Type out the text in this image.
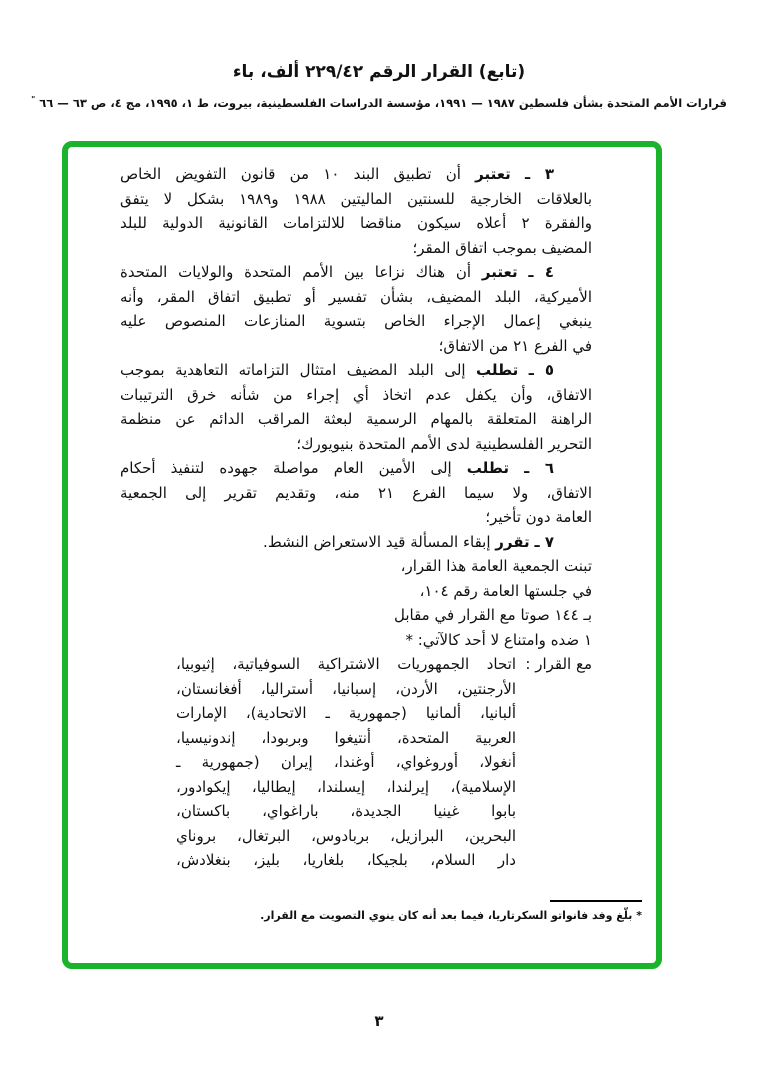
(تابع) القرار الرقم ٢٢٩/٤٢ ألف، باء
قرارات الأمم المتحدة بشأن فلسطين ١٩٨٧ — ١٩٩١، مؤسسة الدراسات الفلسطينية، بيروت، ط ١، ١٩٩٥، مج ٤، ص ٦٣ — ٦٦ "
٣ ـ تعتبر أن تطبيق البند ١٠ من قانون التفويض الخاص
بالعلاقات الخارجية للسنتين الماليتين ١٩٨٨ و١٩٨٩ بشكل لا يتفق
والفقرة ٢ أعلاه سيكون مناقضا للالتزامات القانونية الدولية للبلد
المضيف بموجب اتفاق المقر؛
٤ ـ تعتبر أن هناك نزاعا بين الأمم المتحدة والولايات المتحدة
الأميركية، البلد المضيف، بشأن تفسير أو تطبيق اتفاق المقر، وأنه
ينبغي إعمال الإجراء الخاص بتسوية المنازعات المنصوص عليه
في الفرع ٢١ من الاتفاق؛
٥ ـ تطلب إلى البلد المضيف امتثال التزاماته التعاهدية بموجب
الاتفاق، وأن يكفل عدم اتخاذ أي إجراء من شأنه خرق الترتيبات
الراهنة المتعلقة بالمهام الرسمية لبعثة المراقب الدائم عن منظمة
التحرير الفلسطينية لدى الأمم المتحدة بنيويورك؛
٦ ـ تطلب إلى الأمين العام مواصلة جهوده لتنفيذ أحكام
الاتفاق، ولا سيما الفرع ٢١ منه، وتقديم تقرير إلى الجمعية
العامة دون تأخير؛
٧ ـ تقرر إبقاء المسألة قيد الاستعراض النشط.
تبنت الجمعية العامة هذا القرار،
في جلستها العامة رقم ١٠٤،
بـ ١٤٤ صوتا مع القرار في مقابل
١ ضده وامتناع لا أحد كالآتي: *
مع القرار :
اتحاد الجمهوريات الاشتراكية السوفياتية، إثيوبيا،
الأرجنتين، الأردن، إسبانيا، أستراليا، أفغانستان،
ألبانيا، ألمانيا (جمهورية ـ الاتحادية)، الإمارات
العربية المتحدة، أنتيغوا وبربودا، إندونيسيا،
أنغولا، أوروغواي، أوغندا، إيران (جمهورية ـ
الإسلامية)، إيرلندا، إيسلندا، إيطاليا، إيكوادور،
بابوا غينيا الجديدة، باراغواي، باكستان،
البحرين، البرازيل، بربادوس، البرتغال، بروناي
دار السلام، بلجيكا، بلغاريا، بليز، بنغلادش،
* بلّغ وفد فانواتو السكرتاريا، فيما بعد أنه كان ينوي التصويت مع القرار.
٣
